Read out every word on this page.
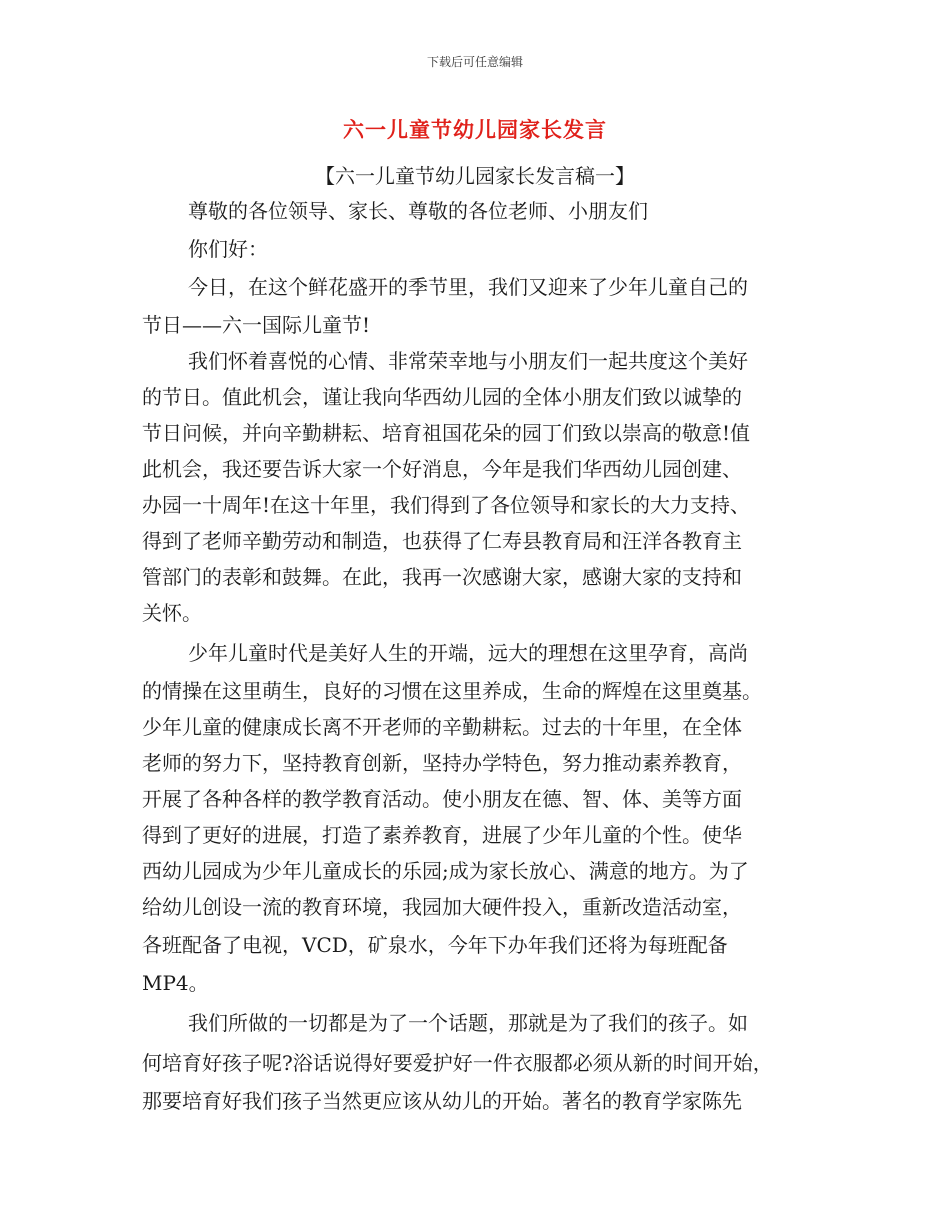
下载后可任意编辑
六一儿童节幼儿园家长发言
【六一儿童节幼儿园家长发言稿一】
尊敬的各位领导、家长、尊敬的各位老师、小朋友们
你们好：
今日，在这个鲜花盛开的季节里，我们又迎来了少年儿童自己的
节日——六一国际儿童节!
我们怀着喜悦的心情、非常荣幸地与小朋友们一起共度这个美好
的节日。值此机会，谨让我向华西幼儿园的全体小朋友们致以诚挚的
节日问候，并向辛勤耕耘、培育祖国花朵的园丁们致以崇高的敬意!值
此机会，我还要告诉大家一个好消息，今年是我们华西幼儿园创建、
办园一十周年!在这十年里，我们得到了各位领导和家长的大力支持、
得到了老师辛勤劳动和制造，也获得了仁寿县教育局和汪洋各教育主
管部门的表彰和鼓舞。在此，我再一次感谢大家，感谢大家的支持和
关怀。
少年儿童时代是美好人生的开端，远大的理想在这里孕育，高尚
的情操在这里萌生，良好的习惯在这里养成，生命的辉煌在这里奠基。
少年儿童的健康成长离不开老师的辛勤耕耘。过去的十年里，在全体
老师的努力下，坚持教育创新，坚持办学特色，努力推动素养教育，
开展了各种各样的教学教育活动。使小朋友在德、智、体、美等方面
得到了更好的进展，打造了素养教育，进展了少年儿童的个性。使华
西幼儿园成为少年儿童成长的乐园;成为家长放心、满意的地方。为了
给幼儿创设一流的教育环境，我园加大硬件投入，重新改造活动室，
各班配备了电视，VCD，矿泉水，今年下办年我们还将为每班配备
MP4。
我们所做的一切都是为了一个话题，那就是为了我们的孩子。如
何培育好孩子呢?浴话说得好要爱护好一件衣服都必须从新的时间开始，
那要培育好我们孩子当然更应该从幼儿的开始。著名的教育学家陈先
